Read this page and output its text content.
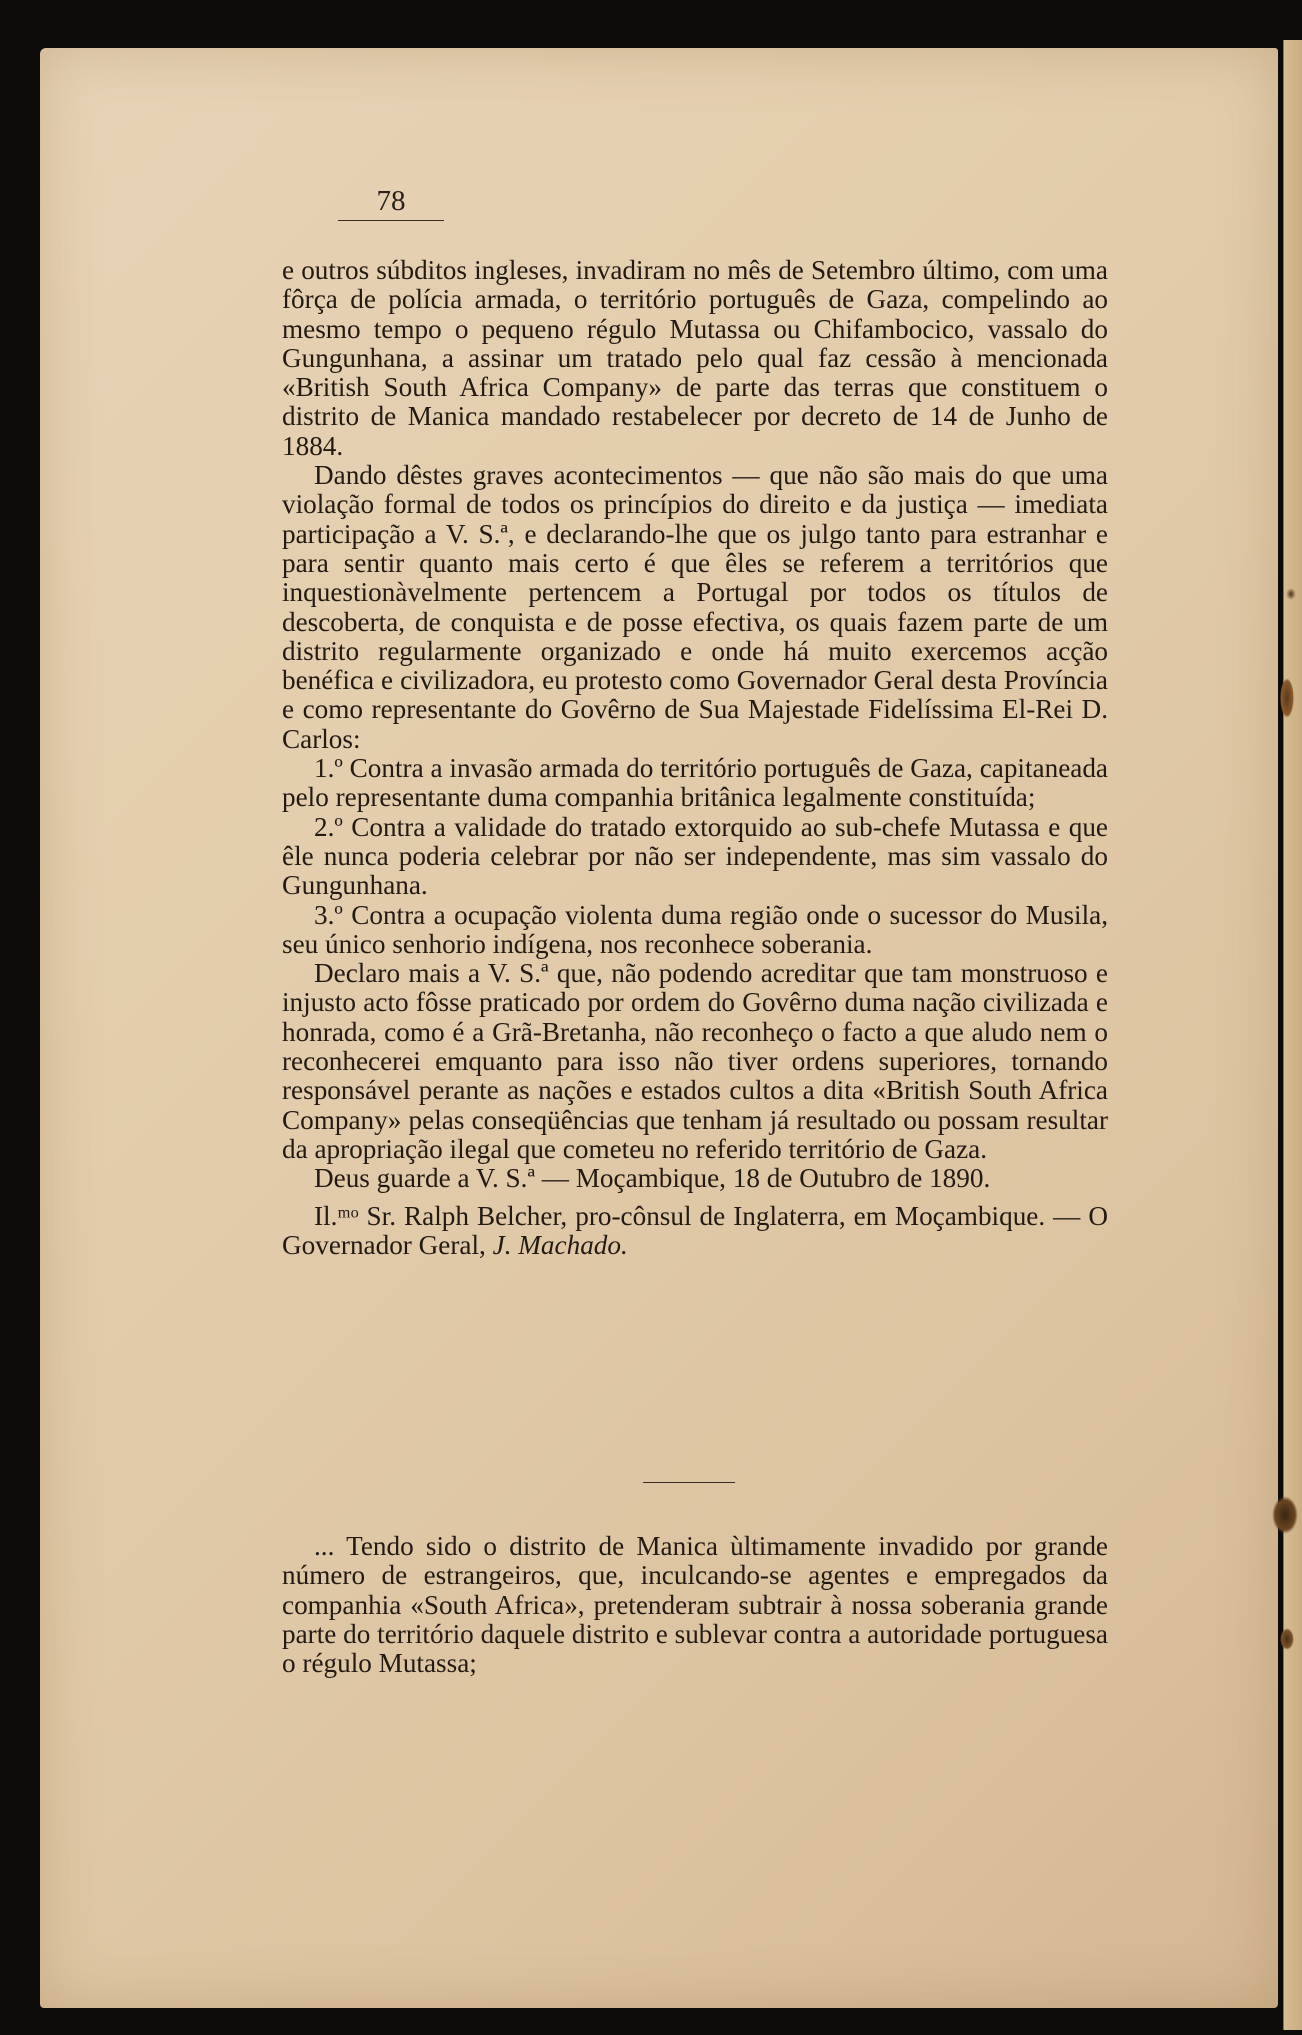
78

e outros súbditos ingleses, invadiram no mês de Setembro último, com uma fôrça de polícia armada, o território português de Gaza, compelindo ao mesmo tempo o pequeno régulo Mutassa ou Chifambocico, vassalo do Gungunhana, a assinar um tratado pelo qual faz cessão à mencionada «British South Africa Company» de parte das terras que constituem o distrito de Manica mandado restabelecer por decreto de 14 de Junho de 1884.

Dando dêstes graves acontecimentos — que não são mais do que uma violação formal de todos os princípios do direito e da justiça — imediata participação a V. S.ª, e declarando-lhe que os julgo tanto para estranhar e para sentir quanto mais certo é que êles se referem a territórios que inquestionàvelmente pertencem a Portugal por todos os títulos de descoberta, de conquista e de posse efectiva, os quais fazem parte de um distrito regularmente organizado e onde há muito exercemos acção benéfica e civilizadora, eu protesto como Governador Geral desta Província e como representante do Govêrno de Sua Majestade Fidelíssima El-Rei D. Carlos:

1.º Contra a invasão armada do território português de Gaza, capitaneada pelo representante duma companhia britânica legalmente constituída;

2.º Contra a validade do tratado extorquido ao sub-chefe Mutassa e que êle nunca poderia celebrar por não ser independente, mas sim vassalo do Gungunhana.

3.º Contra a ocupação violenta duma região onde o sucessor do Musila, seu único senhorio indígena, nos reconhece soberania.

Declaro mais a V. S.ª que, não podendo acreditar que tam monstruoso e injusto acto fôsse praticado por ordem do Govêrno duma nação civilizada e honrada, como é a Grã-Bretanha, não reconheço o facto a que aludo nem o reconhecerei emquanto para isso não tiver ordens superiores, tornando responsável perante as nações e estados cultos a dita «British South Africa Company» pelas conseqüências que tenham já resultado ou possam resultar da apropriação ilegal que cometeu no referido território de Gaza.

Deus guarde a V. S.ª — Moçambique, 18 de Outubro de 1890.

Il.ᵐᵒ Sr. Ralph Belcher, pro-cônsul de Inglaterra, em Moçambique. — O Governador Geral, J. Machado.

... Tendo sido o distrito de Manica ùltimamente invadido por grande número de estrangeiros, que, inculcando-se agentes e empregados da companhia «South Africa», pretenderam subtrair à nossa soberania grande parte do território daquele distrito e sublevar contra a autoridade portuguesa o régulo Mutassa;
